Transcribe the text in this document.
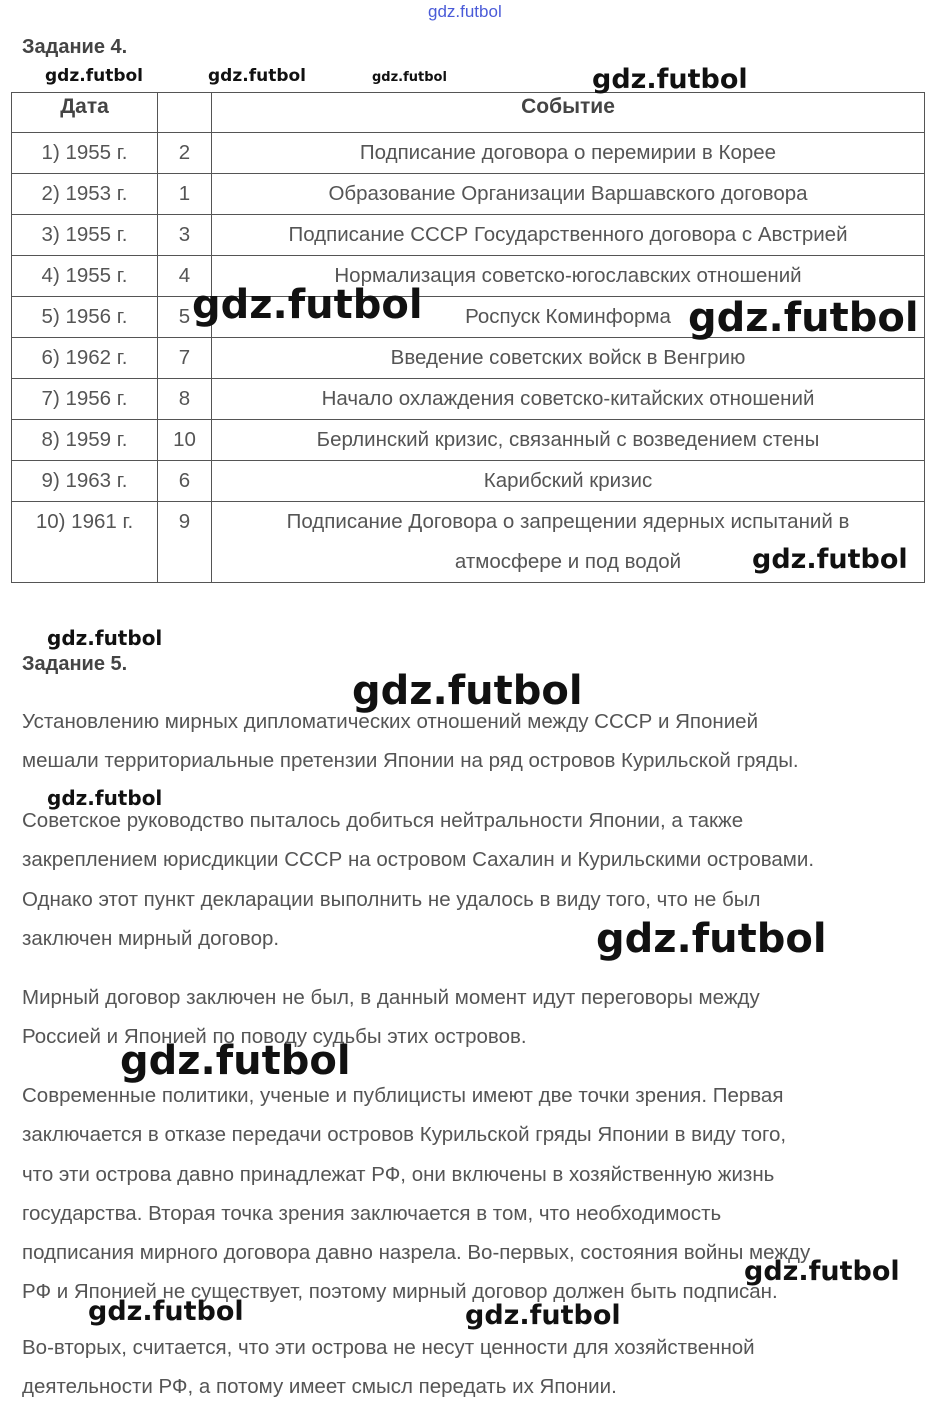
Задание 4.
Дата		Событие
1) 1955 г.	2	Подписание договора о перемирии в Корее
2) 1953 г.	1	Образование Организации Варшавского договора
3) 1955 г.	3	Подписание СССР Государственного договора с Австрией
4) 1955 г.	4	Нормализация советско-югославских отношений
5) 1956 г.	5	Роспуск Коминформа
6) 1962 г.	7	Введение советских войск в Венгрию
7) 1956 г.	8	Начало охлаждения советско-китайских отношений
8) 1959 г.	10	Берлинский кризис, связанный с возведением стены
9) 1963 г.	6	Карибский кризис
10) 1961 г.	9	Подписание Договора о запрещении ядерных испытаний в
атмосфере и под водой
Задание 5.

Установлению мирных дипломатических отношений между СССР и Японией

мешали территориальные претензии Японии на ряд островов Курильской гряды.

Советское руководство пыталось добиться нейтральности Японии, а также

закреплением юрисдикции СССР на островом Сахалин и Курильскими островами.

Однако этот пункт декларации выполнить не удалось в виду того, что не был

заключен мирный договор.

Мирный договор заключен не был, в данный момент идут переговоры между

Россией и Японией по поводу судьбы этих островов.

Современные политики, ученые и публицисты имеют две точки зрения. Первая

заключается в отказе передачи островов Курильской гряды Японии в виду того,

что эти острова давно принадлежат РФ, они включены в хозяйственную жизнь

государства. Вторая точка зрения заключается в том, что необходимость

подписания мирного договора давно назрела. Во-первых, состояния войны между

РФ и Японией не существует, поэтому мирный договор должен быть подписан.

Во-вторых, считается, что эти острова не несут ценности для хозяйственной

деятельности РФ, а потому имеет смысл передать их Японии.

gdz.futbol
gdz.futbol	gdz.futbol	gdz.futbol	gdz.futbol
gdz.futbol	gdz.futbol
gdz.futbol
gdz.futbol
gdz.futbol
gdz.futbol
gdz.futbol
gdz.futbol
gdz.futbol
gdz.futbol	gdz.futbol
